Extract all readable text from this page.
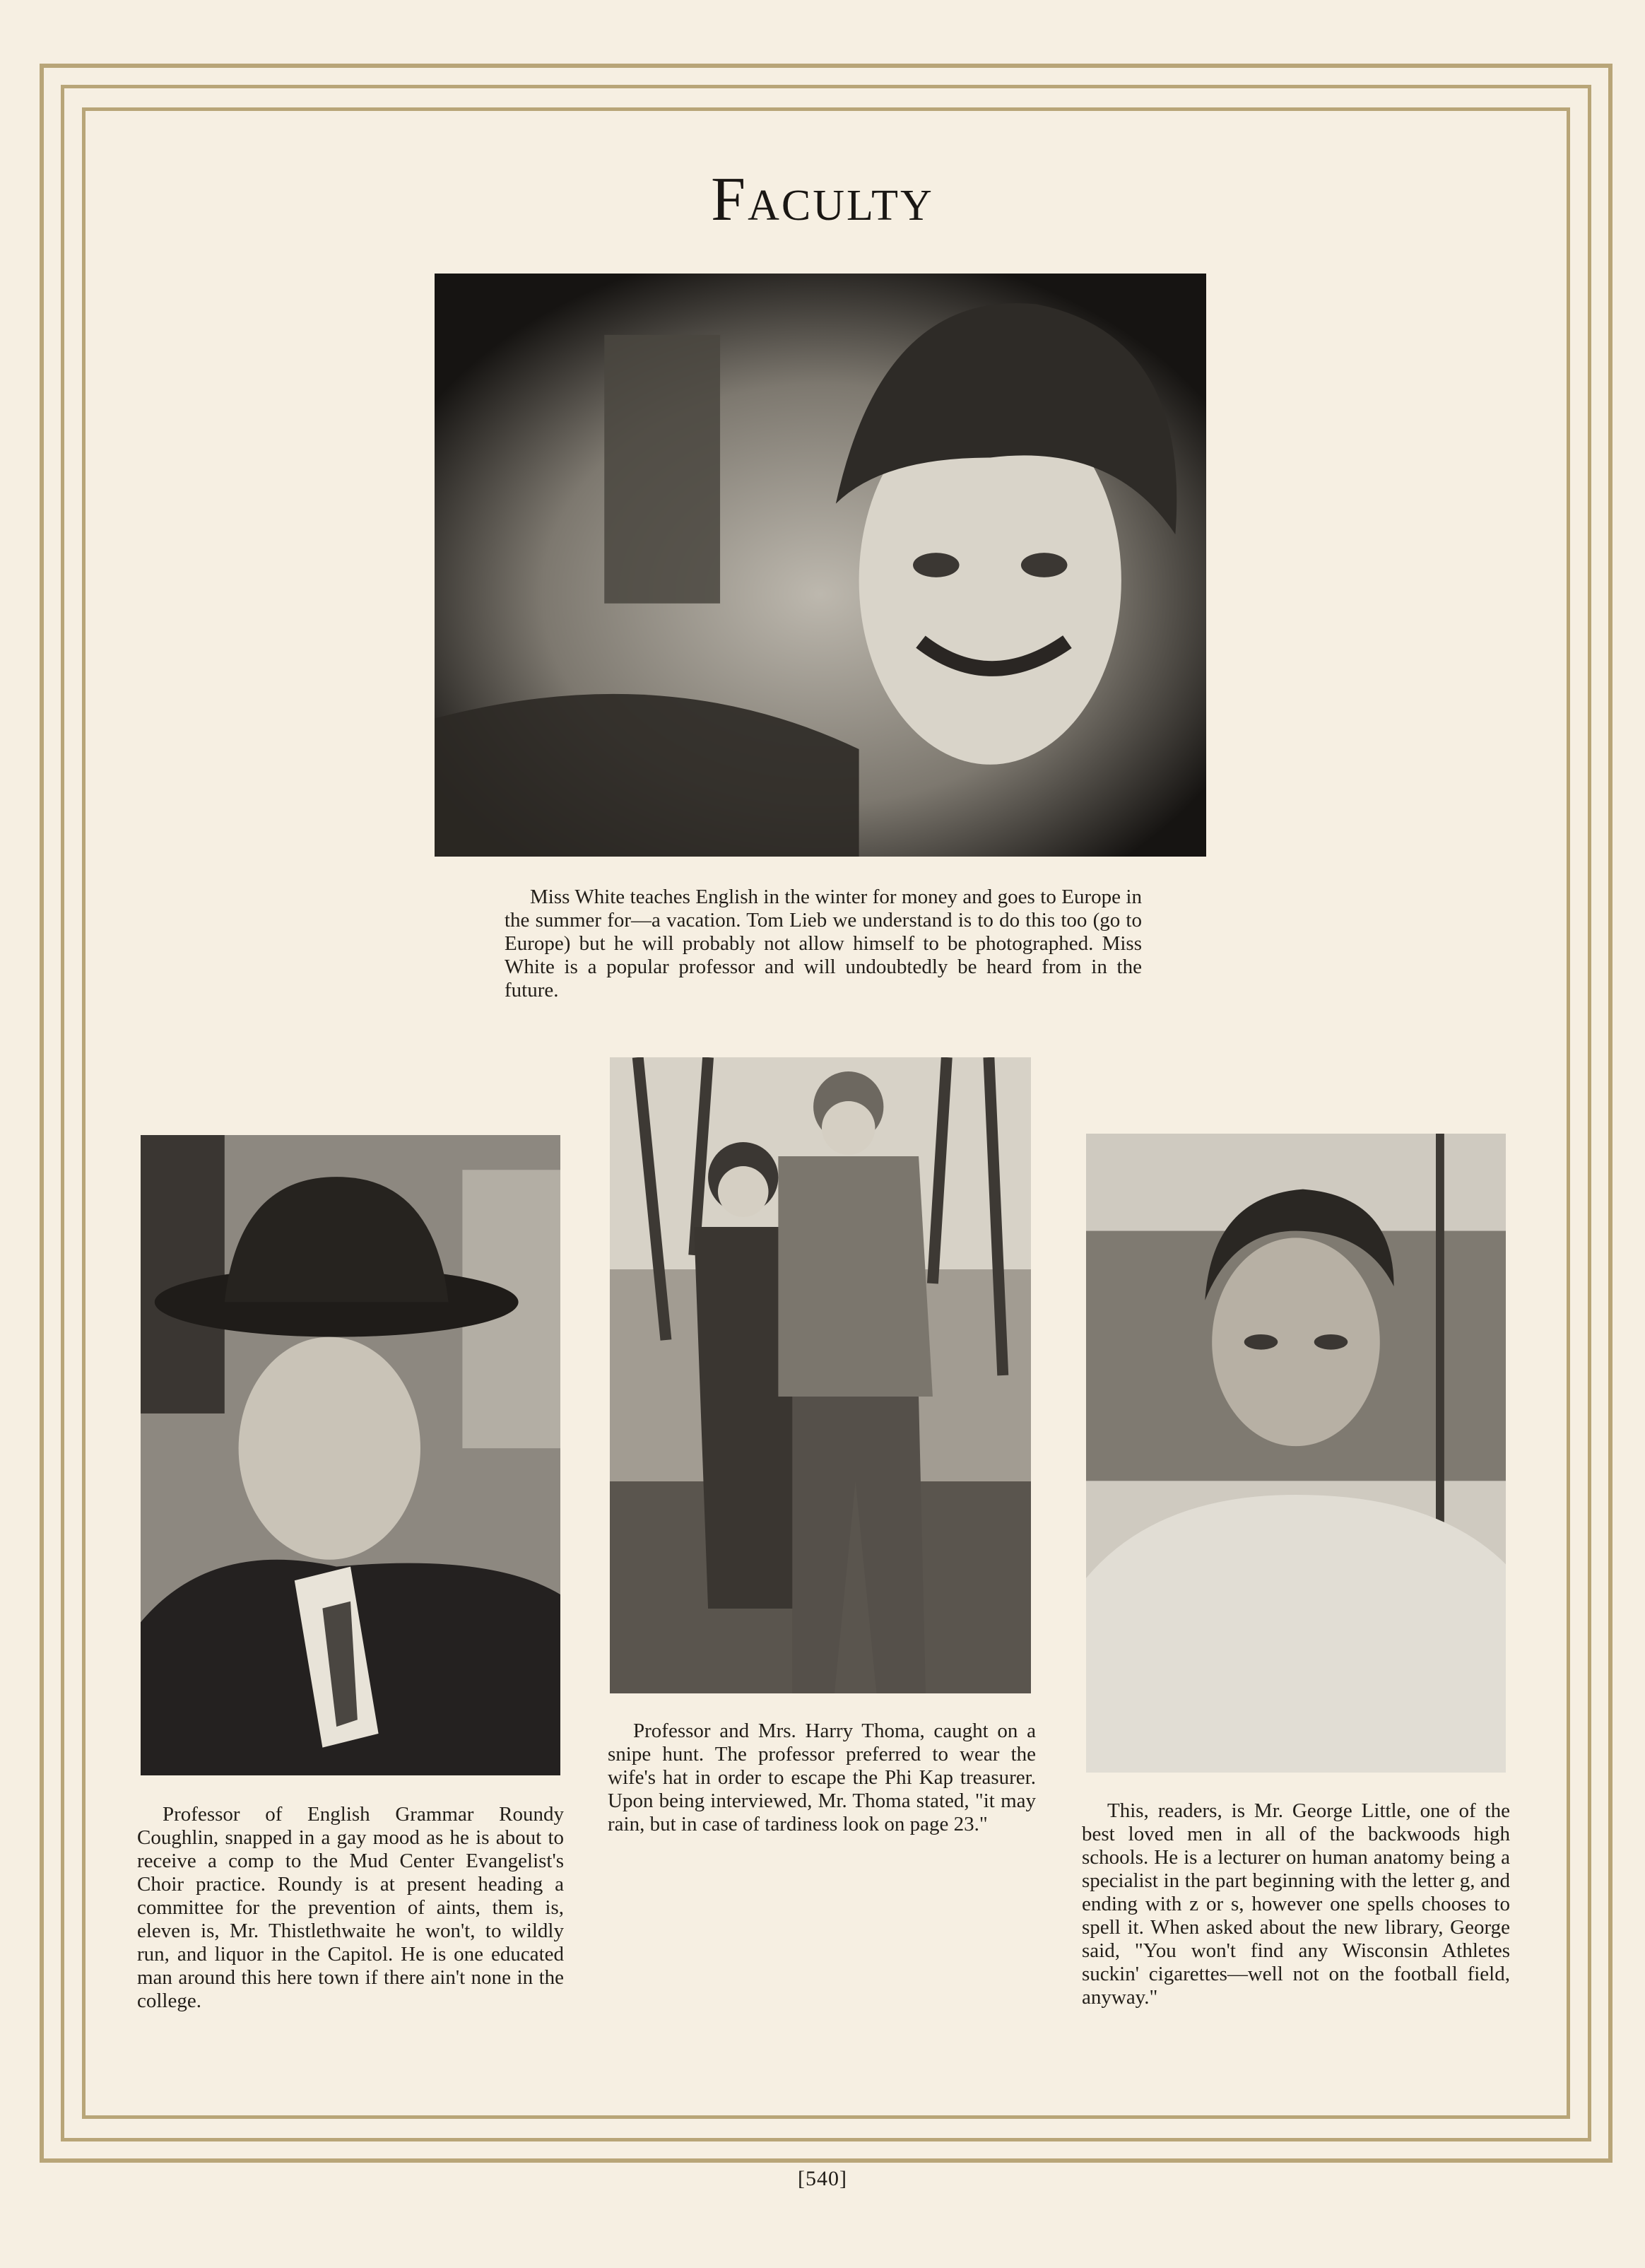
Faculty

Miss White teaches English in the winter for money and goes to Europe in the summer for—a vacation. Tom Lieb we understand is to do this too (go to Europe) but he will probably not allow himself to be photographed. Miss White is a popular professor and will undoubtedly be heard from in the future.

Professor of English Grammar Roundy Coughlin, snapped in a gay mood as he is about to receive a comp to the Mud Center Evangelist's Choir practice. Roundy is at present heading a committee for the prevention of aints, them is, eleven is, Mr. Thistlethwaite he won't, to wildly run, and liquor in the Capitol. He is one educated man around this here town if there ain't none in the college.

Professor and Mrs. Harry Thoma, caught on a snipe hunt. The professor preferred to wear the wife's hat in order to escape the Phi Kap treasurer. Upon being interviewed, Mr. Thoma stated, "it may rain, but in case of tardiness look on page 23."

This, readers, is Mr. George Little, one of the best loved men in all of the backwoods high schools. He is a lecturer on human anatomy being a specialist in the part beginning with the letter g, and ending with z or s, however one spells chooses to spell it. When asked about the new library, George said, "You won't find any Wisconsin Athletes suckin' cigarettes—well not on the football field, anyway."

[540]
